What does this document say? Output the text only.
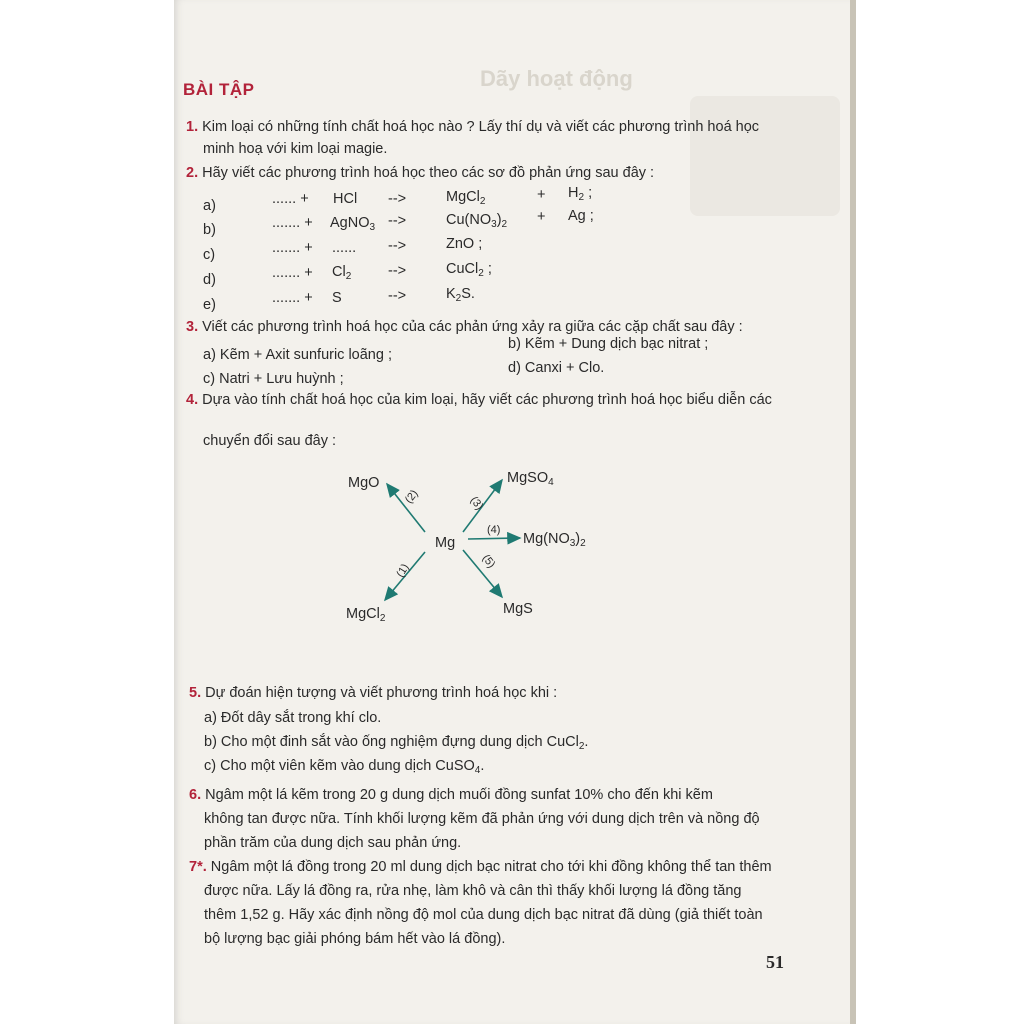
Dãy hoạt động
BÀI TẬP
1. Kim loại có những tính chất hoá học nào ? Lấy thí dụ và viết các phương trình hoá học
minh hoạ với kim loại magie.
2. Hãy viết các phương trình hoá học theo các sơ đồ phản ứng sau đây :
a)	...... + HCl -->	MgCl$_2$	+ $H_2$ ;
b)	....... + AgNO$_3$ -->	$Cu(NO_3)_2 + Ag$ ;
c)	....... + ...... -->	ZnO ;
d)	....... + $Cl_2$	-->	CuCl$_2$ ;
e)	....... + S	-->	$K_2S$.
3. Viết các phương trình hoá học của các phản ứng xảy ra giữa các cặp chất sau đây :
a) Kẽm + Axit sunfuric loãng ;
b) Kẽm + Dung dịch bạc nitrat ;
c) Natri + Lưu huỳnh ;
d) Canxi + Clo.
4. Dựa vào tính chất hoá học của kim loại, hãy viết các phương trình hoá học biểu diễn các
chuyển đổi sau đây :
(2)
(1)
(3)
(4)
(5)
MgO	MgSO$_4$
Mg	$Mg(NO_3)_2$
MgCl$_2$
MgS
5. Dự đoán hiện tượng và viết phương trình hoá học khi :
a) Đốt dây sắt trong khí clo.
b) Cho một đinh sắt vào ống nghiệm đựng dung dịch CuCl$_2$.
c) Cho một viên kẽm vào dung dịch CuSO$_4$.
6. Ngâm một lá kẽm trong 20 g dung dịch muối đồng sunfat 10% cho đến khi kẽm
không tan được nữa. Tính khối lượng kẽm đã phản ứng với dung dịch trên và nồng độ
phần trăm của dung dịch sau phản ứng.
7*. Ngâm một lá đồng trong 20 ml dung dịch bạc nitrat cho tới khi đồng không thể tan thêm
được nữa. Lấy lá đồng ra, rửa nhẹ, làm khô và cân thì thấy khối lượng lá đồng tăng
thêm 1,52 g. Hãy xác định nồng độ mol của dung dịch bạc nitrat đã dùng (giả thiết toàn
bộ lượng bạc giải phóng bám hết vào lá đồng).
51
